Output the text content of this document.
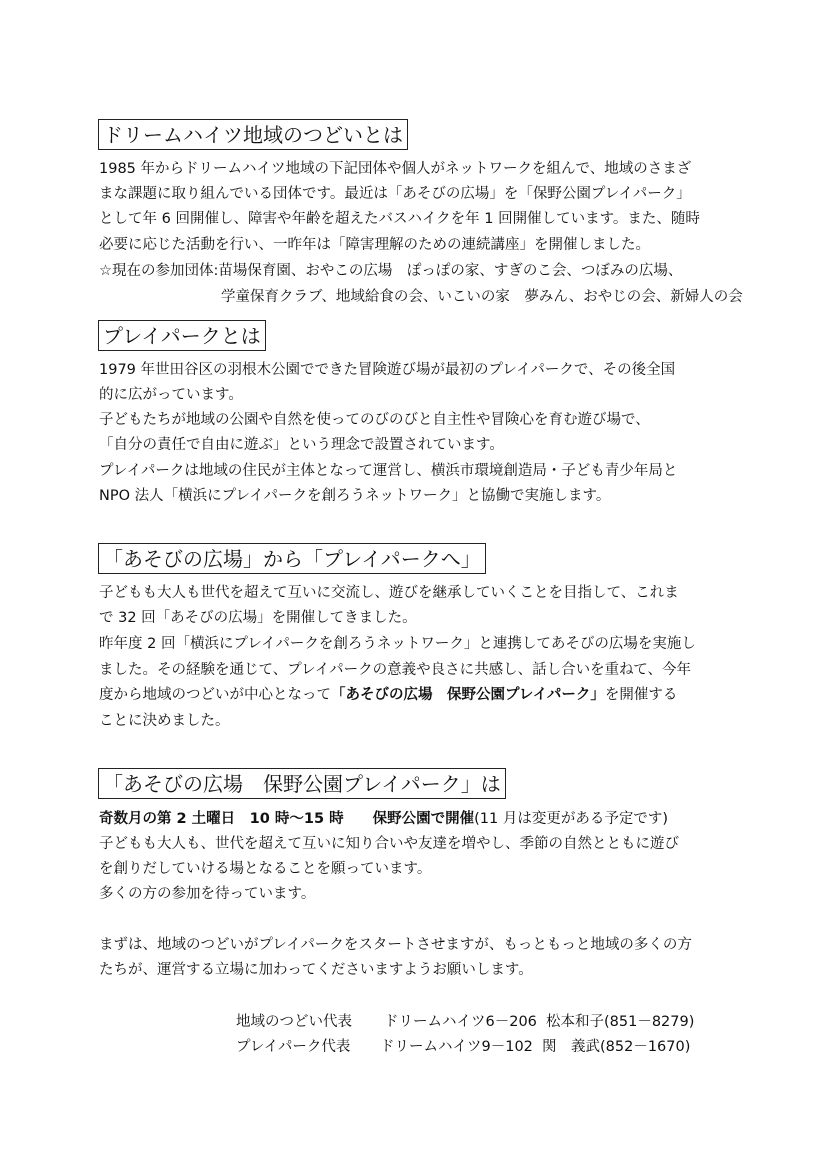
ドリームハイツ地域のつどいとは
1985 年からドリームハイツ地域の下記団体や個人がネットワークを組んで、地域のさまざ
まな課題に取り組んでいる団体です。最近は「あそびの広場」を「保野公園プレイパーク」
として年 6 回開催し、障害や年齢を超えたバスハイクを年 1 回開催しています。また、随時
必要に応じた活動を行い、一昨年は「障害理解のための連続講座」を開催しました。
☆現在の参加団体:苗場保育園、おやこの広場　ぽっぽの家、すぎのこ会、つぼみの広場、
学童保育クラブ、地域給食の会、いこいの家　夢みん、おやじの会、新婦人の会
プレイパークとは
1979 年世田谷区の羽根木公園でできた冒険遊び場が最初のプレイパークで、その後全国
的に広がっています。
子どもたちが地域の公園や自然を使ってのびのびと自主性や冒険心を育む遊び場で、
「自分の責任で自由に遊ぶ」という理念で設置されています。
プレイパークは地域の住民が主体となって運営し、横浜市環境創造局・子ども青少年局と
NPO 法人「横浜にプレイパークを創ろうネットワーク」と協働で実施します。
「あそびの広場」から「プレイパークへ」
子どもも大人も世代を超えて互いに交流し、遊びを継承していくことを目指して、これま
で 32 回「あそびの広場」を開催してきました。
昨年度 2 回「横浜にプレイパークを創ろうネットワーク」と連携してあそびの広場を実施し
ました。その経験を通じて、プレイパークの意義や良さに共感し、話し合いを重ねて、今年
度から地域のつどいが中心となって「あそびの広場　保野公園プレイパーク」を開催する
ことに決めました。
「あそびの広場　保野公園プレイパーク」は
奇数月の第 2 土曜日　10 時～15 時　　保野公園で開催(11 月は変更がある予定です)
子どもも大人も、世代を超えて互いに知り合いや友達を増やし、季節の自然とともに遊び
を創りだしていける場となることを願っています。
多くの方の参加を待っています。
まずは、地域のつどいがプレイパークをスタートさせますが、もっともっと地域の多くの方
たちが、運営する立場に加わってくださいますようお願いします。
地域のつどい代表 ドリームハイツ6－206 松本和子(851－8279)
プレイパーク代表 ドリームハイツ9－102 関　義武(852－1670)
